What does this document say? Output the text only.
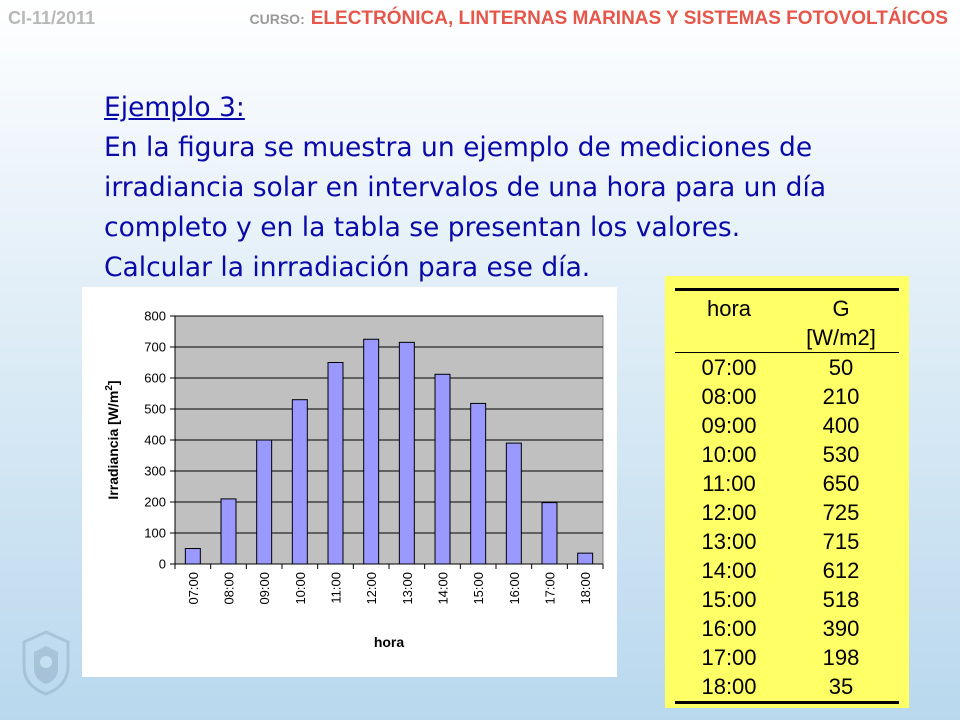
CI-11/2011	CURSO: ELECTRÓNICA, LINTERNAS MARINAS Y SISTEMAS FOTOVOLTÁICOS
Ejemplo 3:
En la figura se muestra un ejemplo de mediciones de
irradiancia solar en intervalos de una hora para un día
completo y en la tabla se presentan los valores.
Calcular la inrradiación para ese día.
0
100
200
300
400
500
600
700
800
07:00 08:00 09:00 10:00 11:00 12:00 13:00 14:00 15:00 16:00 17:00 18:00
hora
Irradiancia $[W/m^2]$
hora	G
[W/m2]

07:00	50
08:00	210
09:00	400
10:00	530
11:00	650
12:00	725
13:00	715
14:00	612
15:00	518
16:00	390
17:00	198
18:00	35
